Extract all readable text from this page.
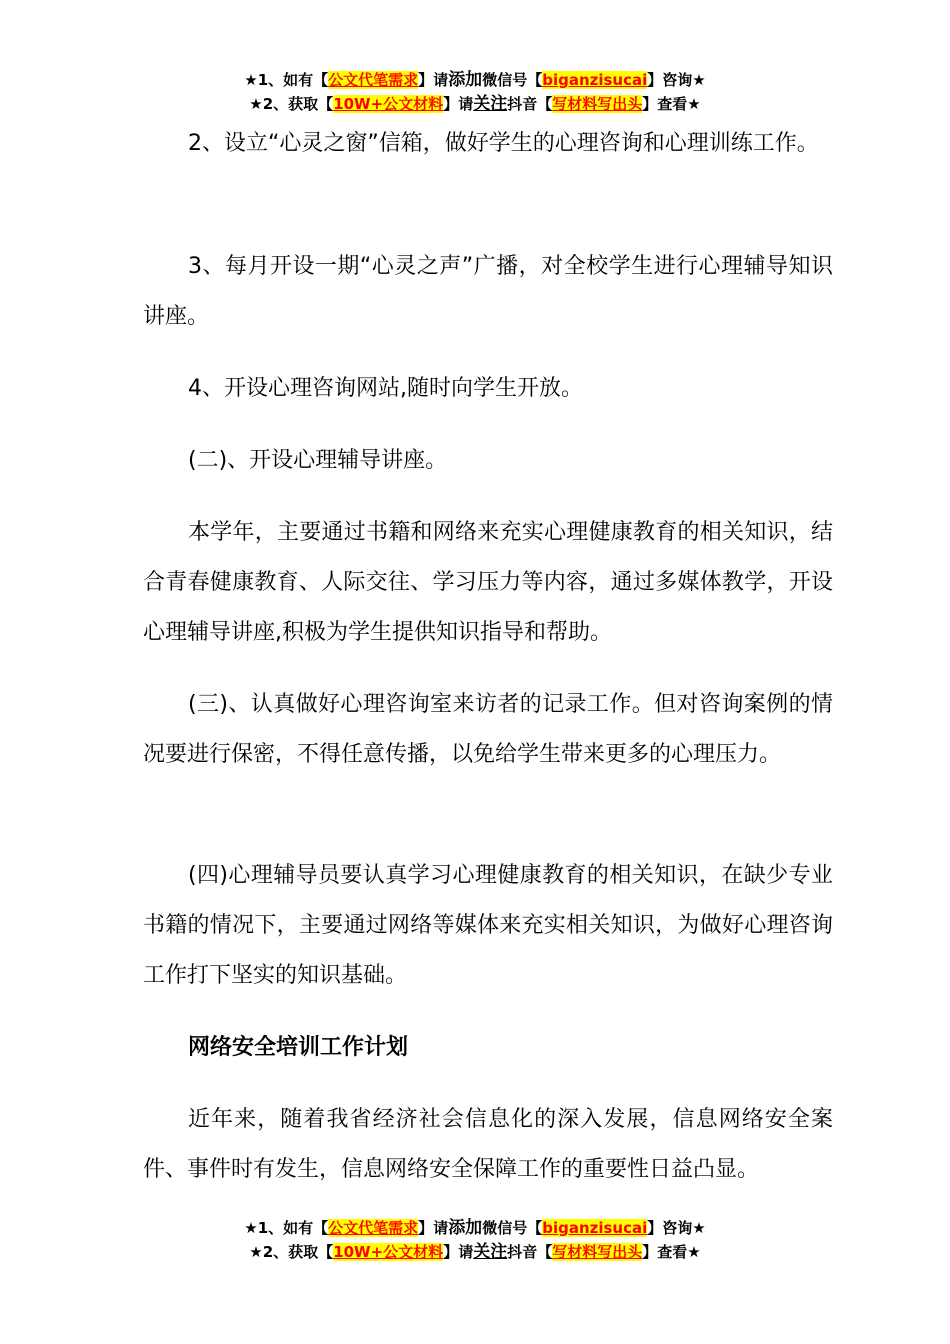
★1、如有【公文代笔需求】请添加微信号【biganzisucai】咨询★
★2、获取【10W+公文材料】请关注抖音【写材料写出头】查看★

2、设立“心灵之窗”信箱，做好学生的心理咨询和心理训练工作。

3、每月开设一期“心灵之声”广播，对全校学生进行心理辅导知识讲座。

4、开设心理咨询网站,随时向学生开放。

(二)、开设心理辅导讲座。

本学年，主要通过书籍和网络来充实心理健康教育的相关知识，结合青春健康教育、人际交往、学习压力等内容，通过多媒体教学，开设心理辅导讲座,积极为学生提供知识指导和帮助。

(三)、认真做好心理咨询室来访者的记录工作。但对咨询案例的情况要进行保密，不得任意传播，以免给学生带来更多的心理压力。

(四)心理辅导员要认真学习心理健康教育的相关知识，在缺少专业书籍的情况下，主要通过网络等媒体来充实相关知识，为做好心理咨询工作打下坚实的知识基础。

网络安全培训工作计划

近年来，随着我省经济社会信息化的深入发展，信息网络安全案件、事件时有发生，信息网络安全保障工作的重要性日益凸显。

★1、如有【公文代笔需求】请添加微信号【biganzisucai】咨询★
★2、获取【10W+公文材料】请关注抖音【写材料写出头】查看★
